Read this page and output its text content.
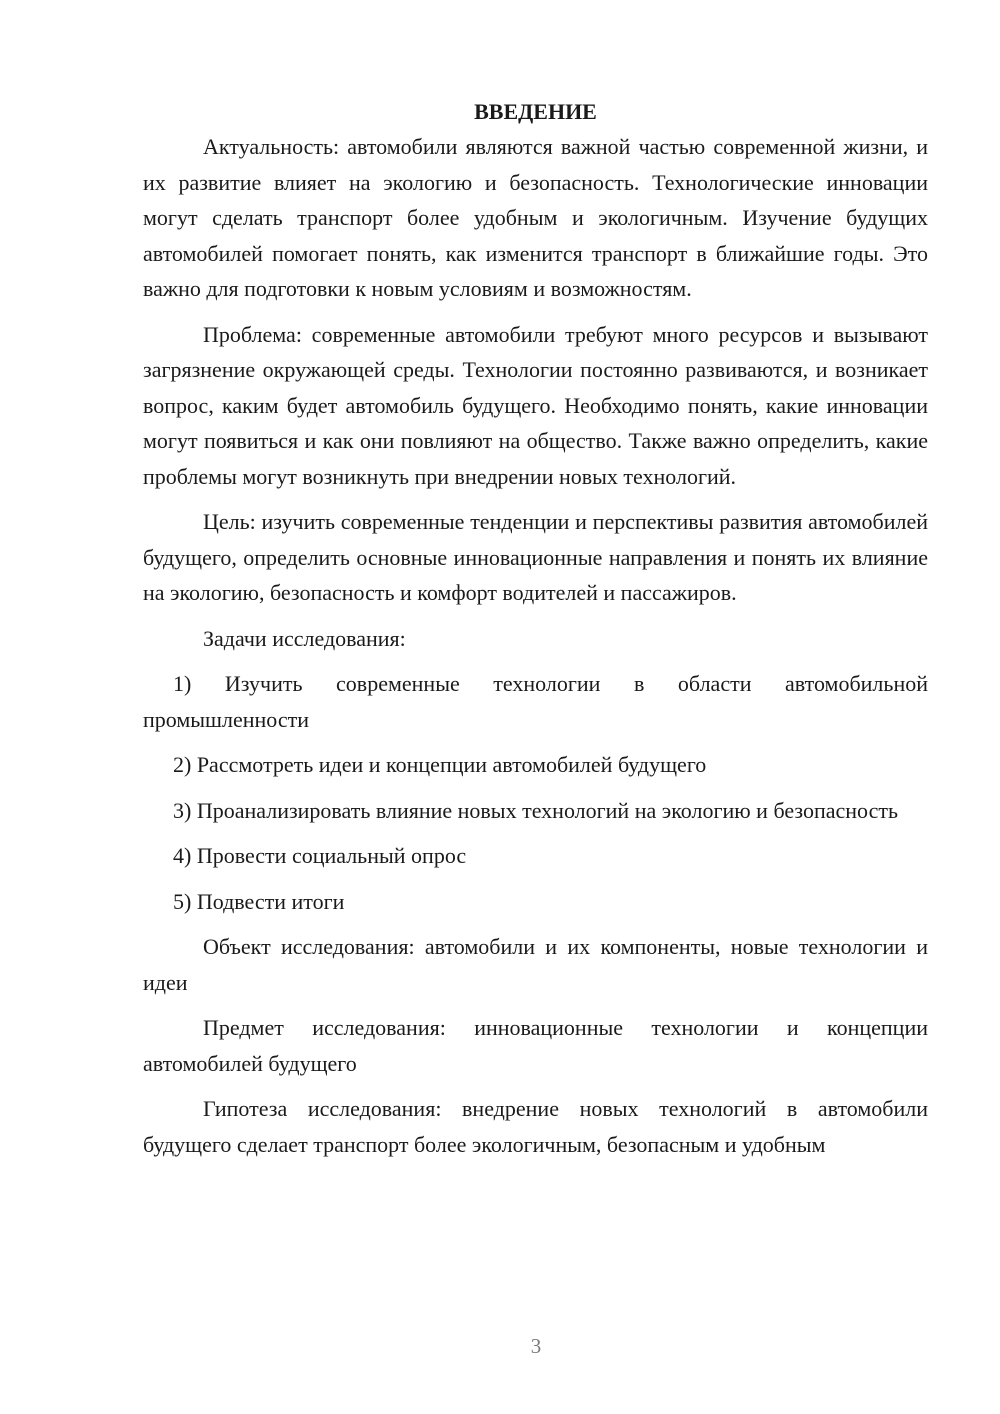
ВВЕДЕНИЕ

Актуальность: автомобили являются важной частью современной жизни, и их развитие влияет на экологию и безопасность. Технологические инновации могут сделать транспорт более удобным и экологичным. Изучение будущих автомобилей помогает понять, как изменится транспорт в ближайшие годы. Это важно для подготовки к новым условиям и возможностям.

Проблема: современные автомобили требуют много ресурсов и вызывают загрязнение окружающей среды. Технологии постоянно развиваются, и возникает вопрос, каким будет автомобиль будущего. Необходимо понять, какие инновации могут появиться и как они повлияют на общество. Также важно определить, какие проблемы могут возникнуть при внедрении новых технологий.

Цель: изучить современные тенденции и перспективы развития автомобилей будущего, определить основные инновационные направления и понять их влияние на экологию, безопасность и комфорт водителей и пассажиров.

Задачи исследования:

1) Изучить современные технологии в области автомобильной промышленности

2) Рассмотреть идеи и концепции автомобилей будущего

3) Проанализировать влияние новых технологий на экологию и безопасность

4) Провести социальный опрос

5) Подвести итоги

Объект исследования: автомобили и их компоненты, новые технологии и идеи

Предмет исследования: инновационные технологии и концепции автомобилей будущего

Гипотеза исследования: внедрение новых технологий в автомобили будущего сделает транспорт более экологичным, безопасным и удобным

3
